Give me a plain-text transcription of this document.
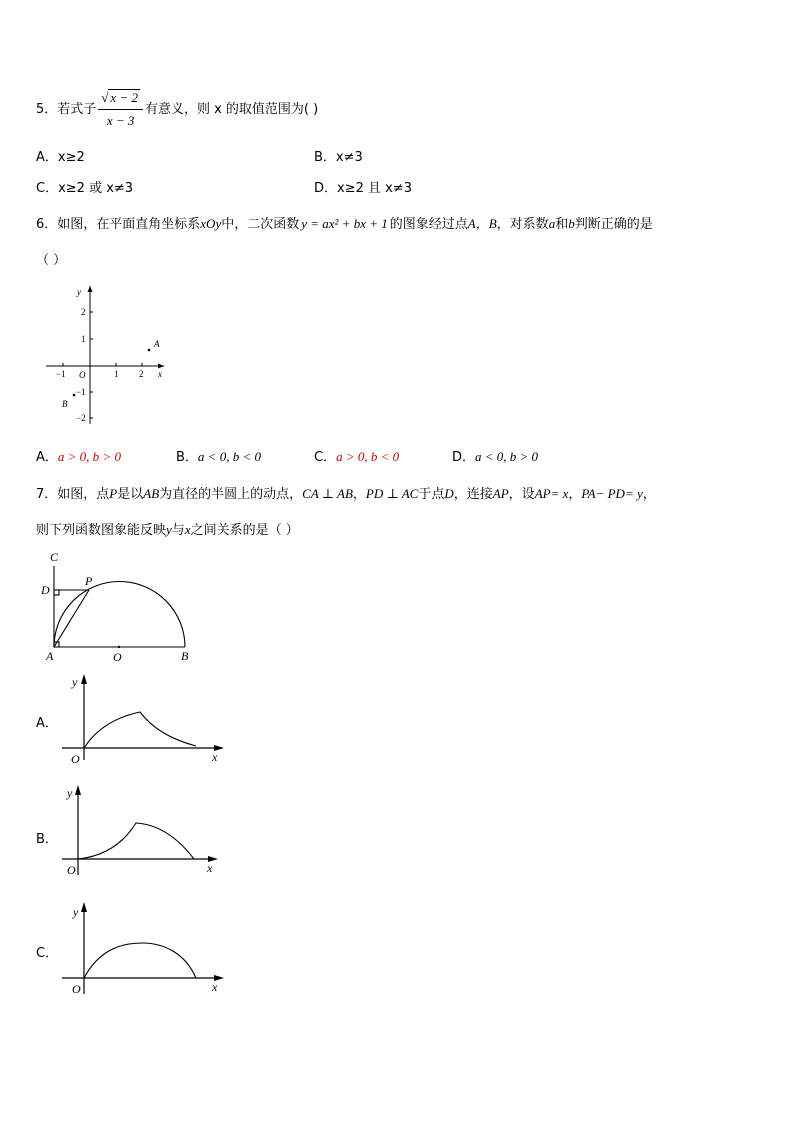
5．若式子 $\frac{√ x - 2}{x - 3}$ 有意义，则 x 的取值范围为( )
A．x≥2	B．x≠3
C．x≥2 或 x≠3	D．x≥2 且 x≠3
6．如图，在平面直角坐标系xOy中，二次函数 y = ax² + bx + 1 的图象经过点A，B，对系数a和b判断正确的是
（ ）
y
x
O
−1	1 2
2
1
−1
−2
A
B
A．a > 0, b > 0	B．a < 0, b < 0	C．a > 0, b < 0	D．a < 0, b > 0
7．如图，点P是以AB为直径的半圆上的动点，CA ⊥ AB，PD ⊥ AC于点D，连接AP，设AP= x，PA− PD= y，
则下列函数图象能反映y与x之间关系的是（ ）
C
D
P
A	O	B
A．
y
x
O
B．
y
x
O
C．
y
x
O
